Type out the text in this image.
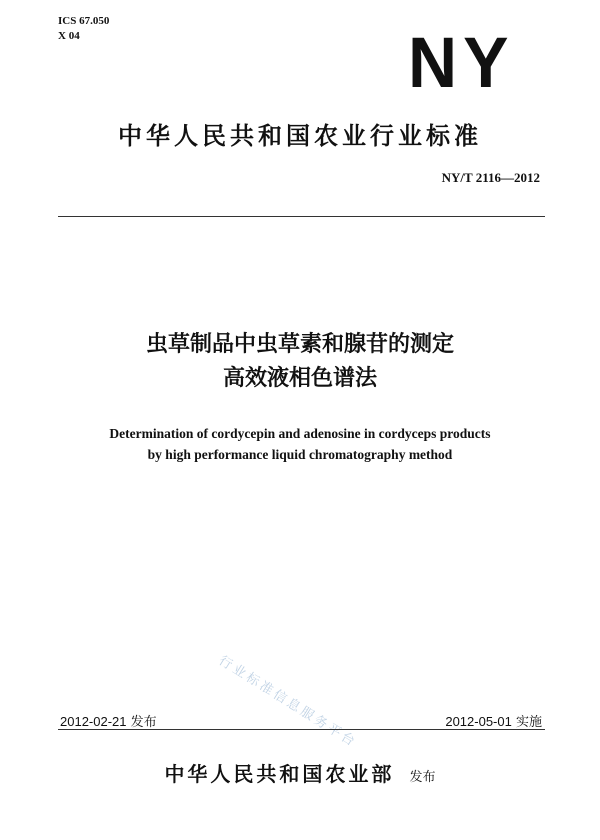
ICS 67.050
X 04	NY
中华人民共和国农业行业标准
NY/T 2116—2012
虫草制品中虫草素和腺苷的测定
高效液相色谱法
Determination of cordycepin and adenosine in cordyceps products
by high performance liquid chromatography method
行业标准信息服务平台
2012-02-21 发布	2012-05-01 实施
中华人民共和国农业部 发布
